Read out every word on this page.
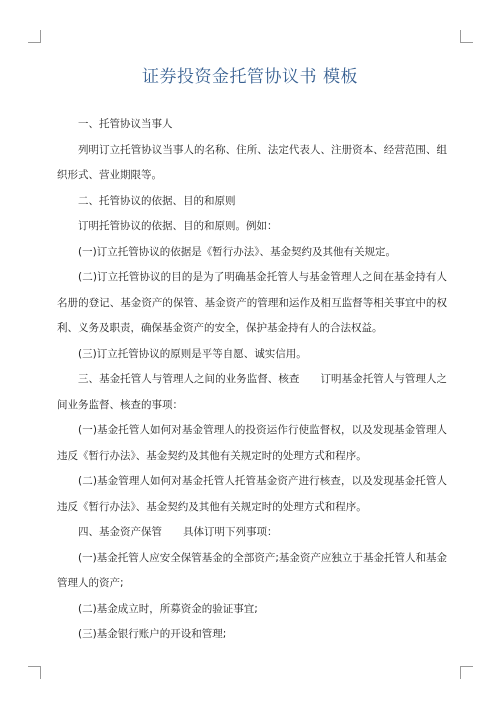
证券投资金托管协议书 模板

一、托管协议当事人

列明订立托管协议当事人的名称、住所、法定代表人、注册资本、经营范围、组织形式、营业期限等。

二、托管协议的依据、目的和原则

订明托管协议的依据、目的和原则。例如：

(一)订立托管协议的依据是《暂行办法》、基金契约及其他有关规定。

(二)订立托管协议的目的是为了明确基金托管人与基金管理人之间在基金持有人名册的登记、基金资产的保管、基金资产的管理和运作及相互监督等相关事宜中的权利、义务及职责，确保基金资产的安全，保护基金持有人的合法权益。

(三)订立托管协议的原则是平等自愿、诚实信用。

三、基金托管人与管理人之间的业务监督、核查　　订明基金托管人与管理人之间业务监督、核查的事项：

(一)基金托管人如何对基金管理人的投资运作行使监督权，以及发现基金管理人违反《暂行办法》、基金契约及其他有关规定时的处理方式和程序。

(二)基金管理人如何对基金托管人托管基金资产进行核查，以及发现基金托管人违反《暂行办法》、基金契约及其他有关规定时的处理方式和程序。

四、基金资产保管　　具体订明下列事项：

(一)基金托管人应安全保管基金的全部资产;基金资产应独立于基金托管人和基金管理人的资产;

(二)基金成立时，所募资金的验证事宜;

(三)基金银行账户的开设和管理;
